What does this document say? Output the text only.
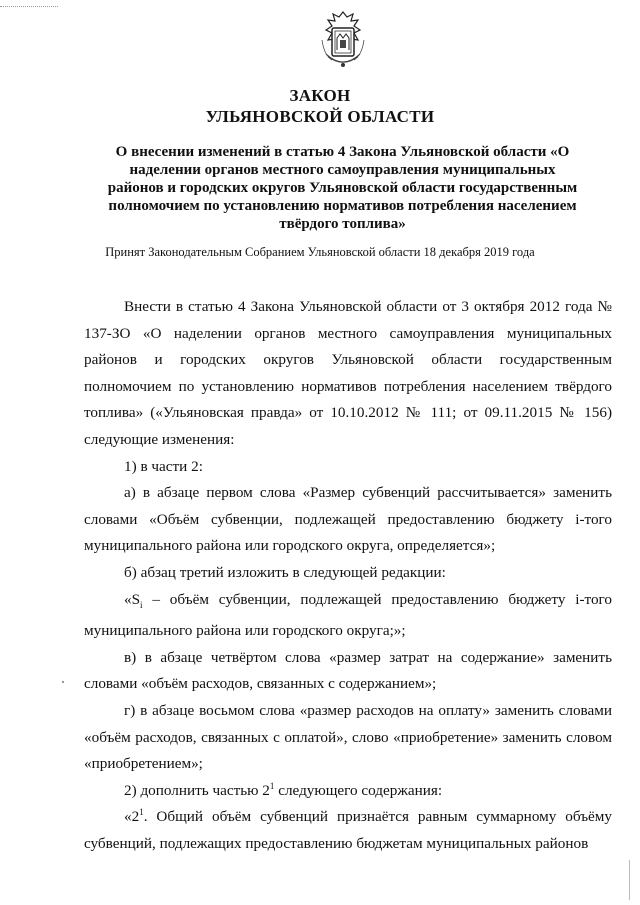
ЗАКОН
УЛЬЯНОВСКОЙ ОБЛАСТИ
О внесении изменений в статью 4 Закона Ульяновской области «О наделении органов местного самоуправления муниципальных районов и городских округов Ульяновской области государственным полномочием по установлению нормативов потребления населением твёрдого топлива»
Принят Законодательным Собранием Ульяновской области 18 декабря 2019 года

Внести в статью 4 Закона Ульяновской области от 3 октября 2012 года № 137-ЗО «О наделении органов местного самоуправления муниципальных районов и городских округов Ульяновской области государственным полномочием по установлению нормативов потребления населением твёрдого топлива» («Ульяновская правда» от 10.10.2012 № 111; от 09.11.2015 № 156) следующие изменения:

1) в части 2:

а) в абзаце первом слова «Размер субвенций рассчитывается» заменить словами «Объём субвенции, подлежащей предоставлению бюджету i-того муниципального района или городского округа, определяется»;

б) абзац третий изложить в следующей редакции:

«$S_i$ – объём субвенции, подлежащей предоставлению бюджету i-того муниципального района или городского округа;»;

в) в абзаце четвёртом слова «размер затрат на содержание» заменить словами «объём расходов, связанных с содержанием»;

г) в абзаце восьмом слова «размер расходов на оплату» заменить словами «объём расходов, связанных с оплатой», слово «приобретение» заменить словом «приобретением»;

2) дополнить частью $2^1$ следующего содержания:

«$2^1$. Общий объём субвенций признаётся равным суммарному объёму субвенций, подлежащих предоставлению бюджетам муниципальных районов
